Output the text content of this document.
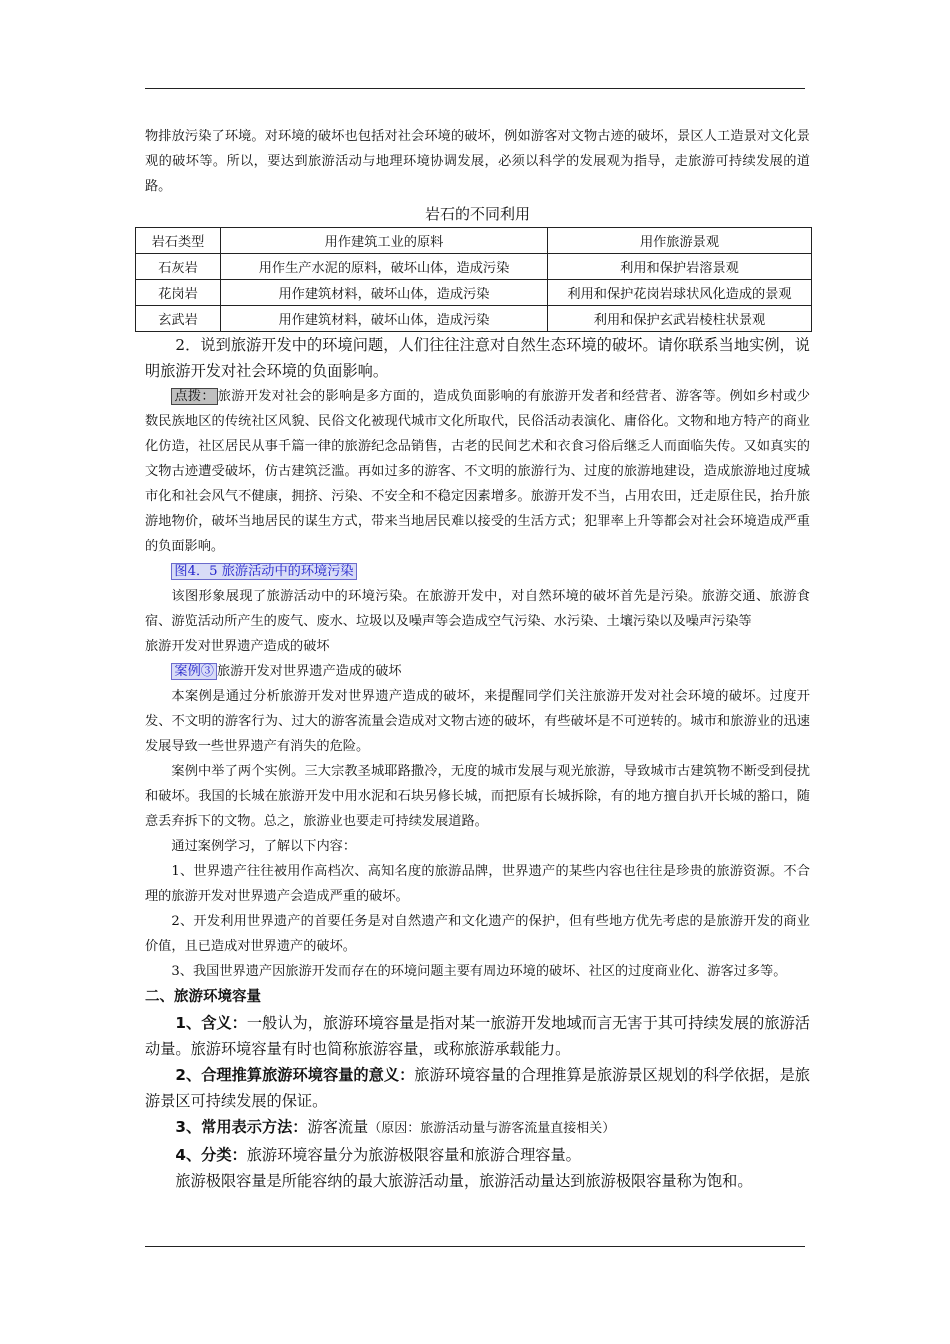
物排放污染了环境。对环境的破坏也包括对社会环境的破坏，例如游客对文物古迹的破坏，景区人工造景对文化景观的破坏等。所以，要达到旅游活动与地理环境协调发展，必须以科学的发展观为指导，走旅游可持续发展的道路。

岩石的不同利用
岩石类型	用作建筑工业的原料	用作旅游景观
石灰岩	用作生产水泥的原料，破坏山体，造成污染	利用和保护岩溶景观
花岗岩	用作建筑材料，破坏山体，造成污染	利用和保护花岗岩球状风化造成的景观
玄武岩	用作建筑材料，破坏山体，造成污染	利用和保护玄武岩棱柱状景观

2．说到旅游开发中的环境问题，人们往往注意对自然生态环境的破坏。请你联系当地实例，说明旅游开发对社会环境的负面影响。

点拨： 旅游开发对社会的影响是多方面的，造成负面影响的有旅游开发者和经营者、游客等。例如乡村或少数民族地区的传统社区风貌、民俗文化被现代城市文化所取代，民俗活动表演化、庸俗化。文物和地方特产的商业化仿造，社区居民从事千篇一律的旅游纪念品销售，古老的民间艺术和衣食习俗后继乏人而面临失传。又如真实的文物古迹遭受破坏，仿古建筑泛滥。再如过多的游客、不文明的旅游行为、过度的旅游地建设，造成旅游地过度城市化和社会风气不健康，拥挤、污染、不安全和不稳定因素增多。旅游开发不当，占用农田，迁走原住民，抬升旅游地物价，破坏当地居民的谋生方式，带来当地居民难以接受的生活方式；犯罪率上升等都会对社会环境造成严重的负面影响。

图4．5 旅游活动中的环境污染

该图形象展现了旅游活动中的环境污染。在旅游开发中，对自然环境的破坏首先是污染。旅游交通、旅游食宿、游览活动所产生的废气、废水、垃圾以及噪声等会造成空气污染、水污染、土壤污染以及噪声污染等

旅游开发对世界遗产造成的破坏

案例③ 旅游开发对世界遗产造成的破坏

本案例是通过分析旅游开发对世界遗产造成的破坏，来提醒同学们关注旅游开发对社会环境的破坏。过度开发、不文明的游客行为、过大的游客流量会造成对文物古迹的破坏，有些破坏是不可逆转的。城市和旅游业的迅速发展导致一些世界遗产有消失的危险。

案例中举了两个实例。三大宗教圣城耶路撒冷，无度的城市发展与观光旅游，导致城市古建筑物不断受到侵扰和破坏。我国的长城在旅游开发中用水泥和石块另修长城，而把原有长城拆除，有的地方擅自扒开长城的豁口，随意丢弃拆下的文物。总之，旅游业也要走可持续发展道路。

通过案例学习，了解以下内容：

1、世界遗产往往被用作高档次、高知名度的旅游品牌，世界遗产的某些内容也往往是珍贵的旅游资源。不合理的旅游开发对世界遗产会造成严重的破坏。

2、开发利用世界遗产的首要任务是对自然遗产和文化遗产的保护，但有些地方优先考虑的是旅游开发的商业价值，且已造成对世界遗产的破坏。

3、我国世界遗产因旅游开发而存在的环境问题主要有周边环境的破坏、社区的过度商业化、游客过多等。

二、旅游环境容量

1、含义：一般认为，旅游环境容量是指对某一旅游开发地域而言无害于其可持续发展的旅游活动量。旅游环境容量有时也简称旅游容量，或称旅游承载能力。

2、合理推算旅游环境容量的意义：旅游环境容量的合理推算是旅游景区规划的科学依据，是旅游景区可持续发展的保证。

3、常用表示方法：游客流量（原因：旅游活动量与游客流量直接相关）

4、分类：旅游环境容量分为旅游极限容量和旅游合理容量。

旅游极限容量是所能容纳的最大旅游活动量，旅游活动量达到旅游极限容量称为饱和。
